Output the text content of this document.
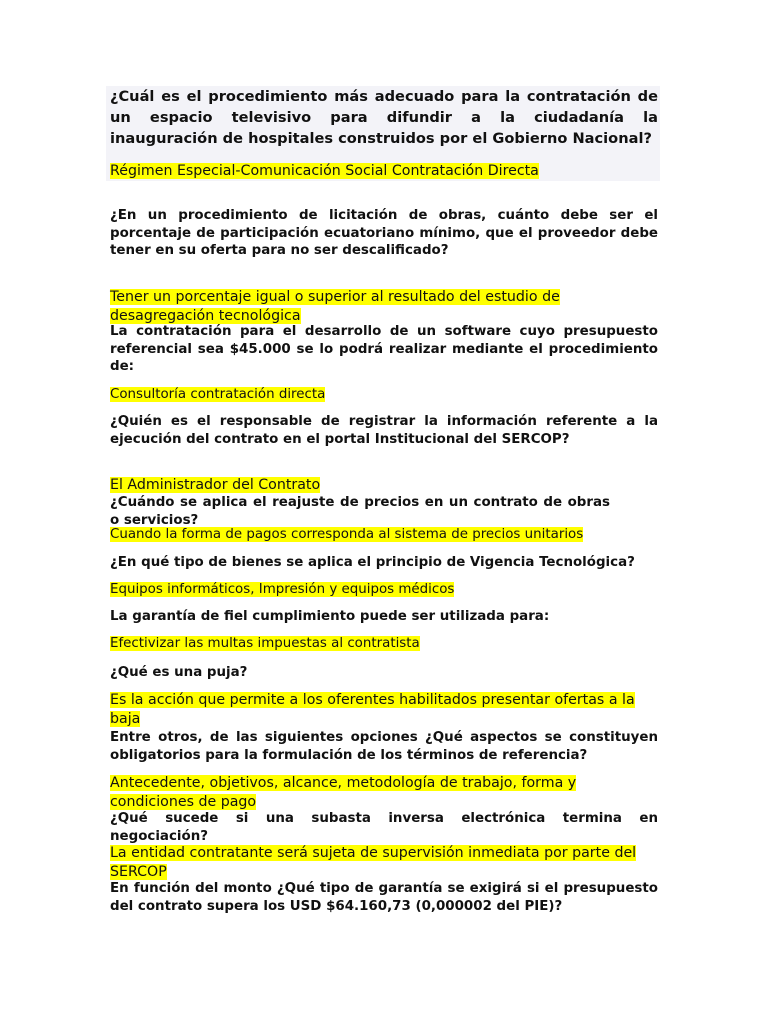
¿Cuál es el procedimiento más adecuado para la contratación de un espacio televisivo para difundir a la ciudadanía la inauguración de hospitales construidos por el Gobierno Nacional?

Régimen Especial-Comunicación Social Contratación Directa

¿En un procedimiento de licitación de obras, cuánto debe ser el porcentaje de participación ecuatoriano mínimo, que el proveedor debe tener en su oferta para no ser descalificado?

Tener un porcentaje igual o superior al resultado del estudio de desagregación tecnológica

La contratación para el desarrollo de un software cuyo presupuesto referencial sea $45.000 se lo podrá realizar mediante el procedimiento de:

Consultoría contratación directa

¿Quién es el responsable de registrar la información referente a la ejecución del contrato en el portal Institucional del SERCOP?

El Administrador del Contrato

¿Cuándo se aplica el reajuste de precios en un contrato de obras o servicios?

Cuando la forma de pagos corresponda al sistema de precios unitarios

¿En qué tipo de bienes se aplica el principio de Vigencia Tecnológica?

Equipos informáticos, Impresión y equipos médicos

La garantía de fiel cumplimiento puede ser utilizada para:

Efectivizar las multas impuestas al contratista

¿Qué es una puja?

Es la acción que permite a los oferentes habilitados presentar ofertas a la baja

Entre otros, de las siguientes opciones ¿Qué aspectos se constituyen obligatorios para la formulación de los términos de referencia?

Antecedente, objetivos, alcance, metodología de trabajo, forma y condiciones de pago

¿Qué sucede si una subasta inversa electrónica termina en negociación?

La entidad contratante será sujeta de supervisión inmediata por parte del SERCOP

En función del monto ¿Qué tipo de garantía se exigirá si el presupuesto del contrato supera los USD $64.160,73 (0,000002 del PIE)?
